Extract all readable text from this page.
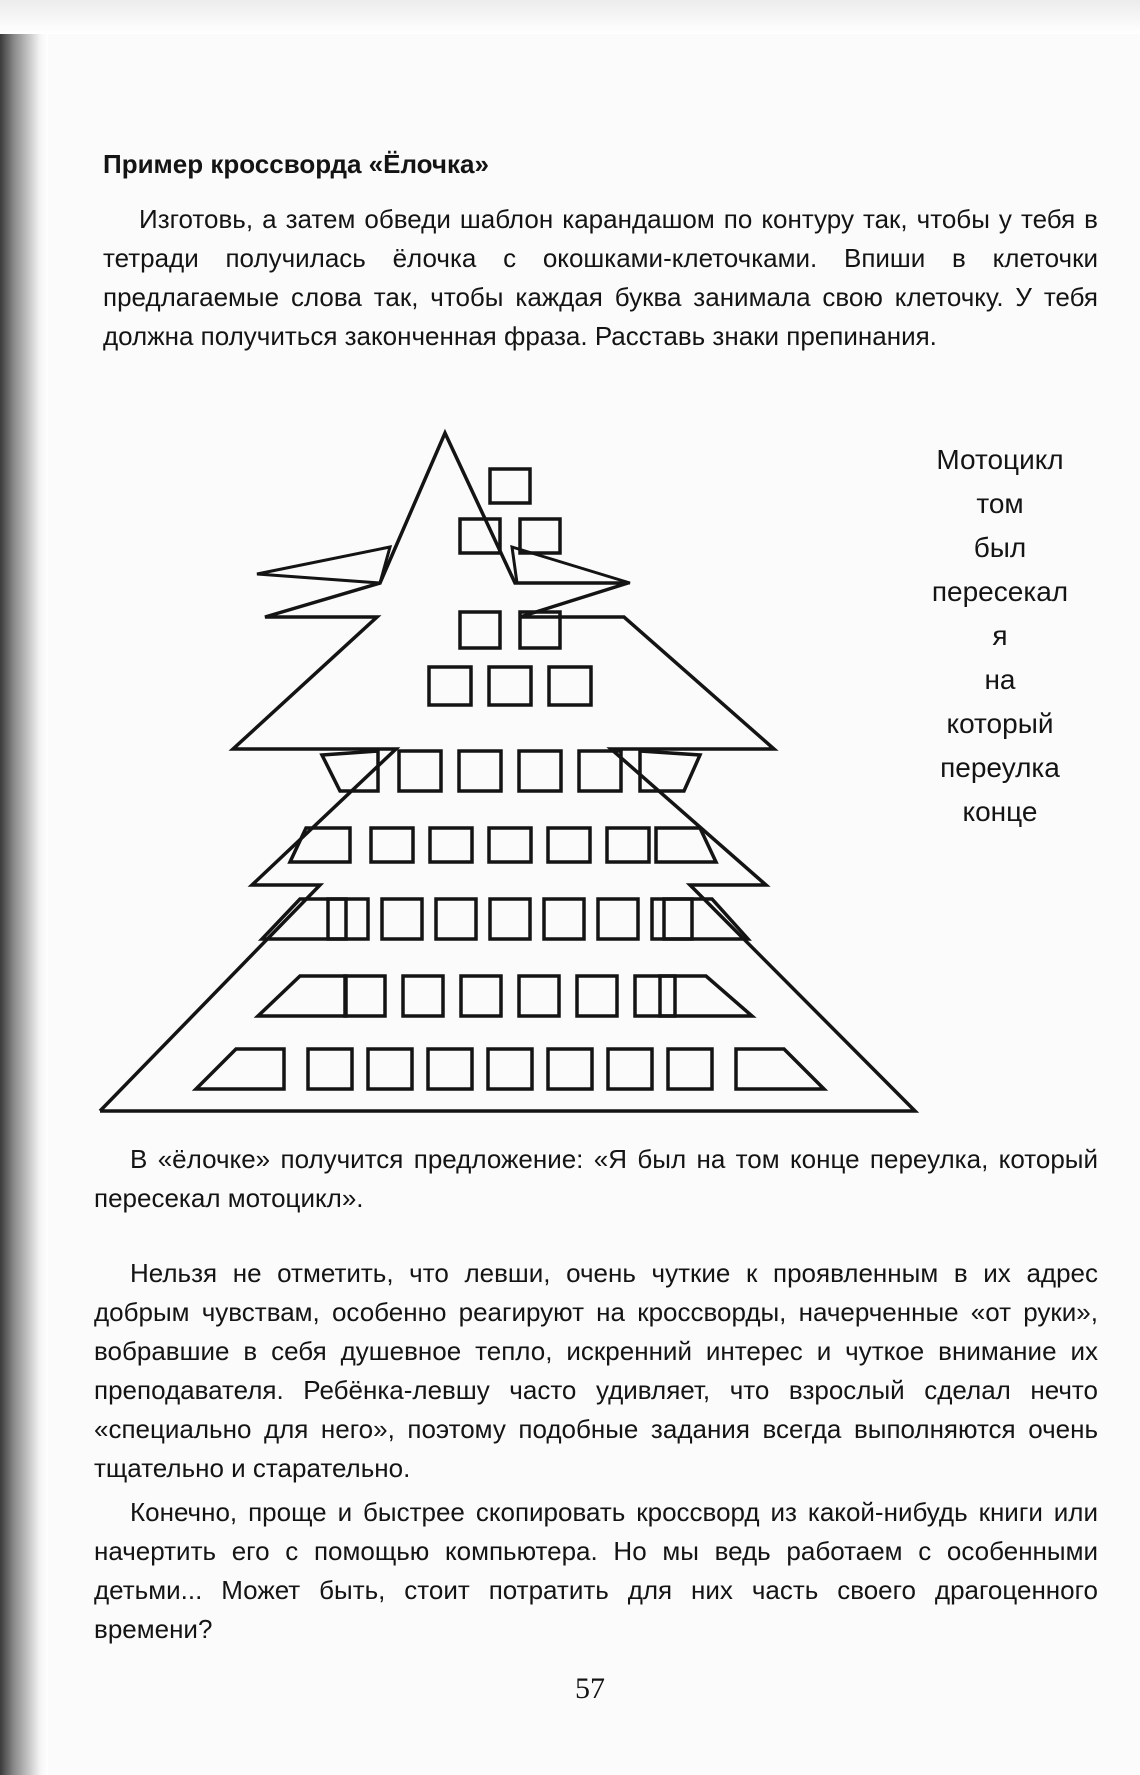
Пример кроссворда «Ёлочка»

Изготовь, а затем обведи шаблон карандашом по контуру так, чтобы у тебя в тетради получилась ёлочка с окошками-клеточками. Впиши в клеточки предлагаемые слова так, чтобы каждая буква занимала свою клеточку. У тебя должна получиться законченная фраза. Расставь знаки препинания.

Мотоцикл
том
был
пересекал
я
на
который
переулка
конце

В «ёлочке» получится предложение: «Я был на том конце переулка, который пересекал мотоцикл».

Нельзя не отметить, что левши, очень чуткие к проявленным в их адрес добрым чувствам, особенно реагируют на кроссворды, начерченные «от руки», вобравшие в себя душевное тепло, искренний интерес и чуткое внимание их преподавателя. Ребёнка-левшу часто удивляет, что взрослый сделал нечто «специально для него», поэтому подобные задания всегда выполняются очень тщательно и старательно.

Конечно, проще и быстрее скопировать кроссворд из какой-нибудь книги или начертить его с помощью компьютера. Но мы ведь работаем с особенными детьми... Может быть, стоит потратить для них часть своего драгоценного времени?

57
